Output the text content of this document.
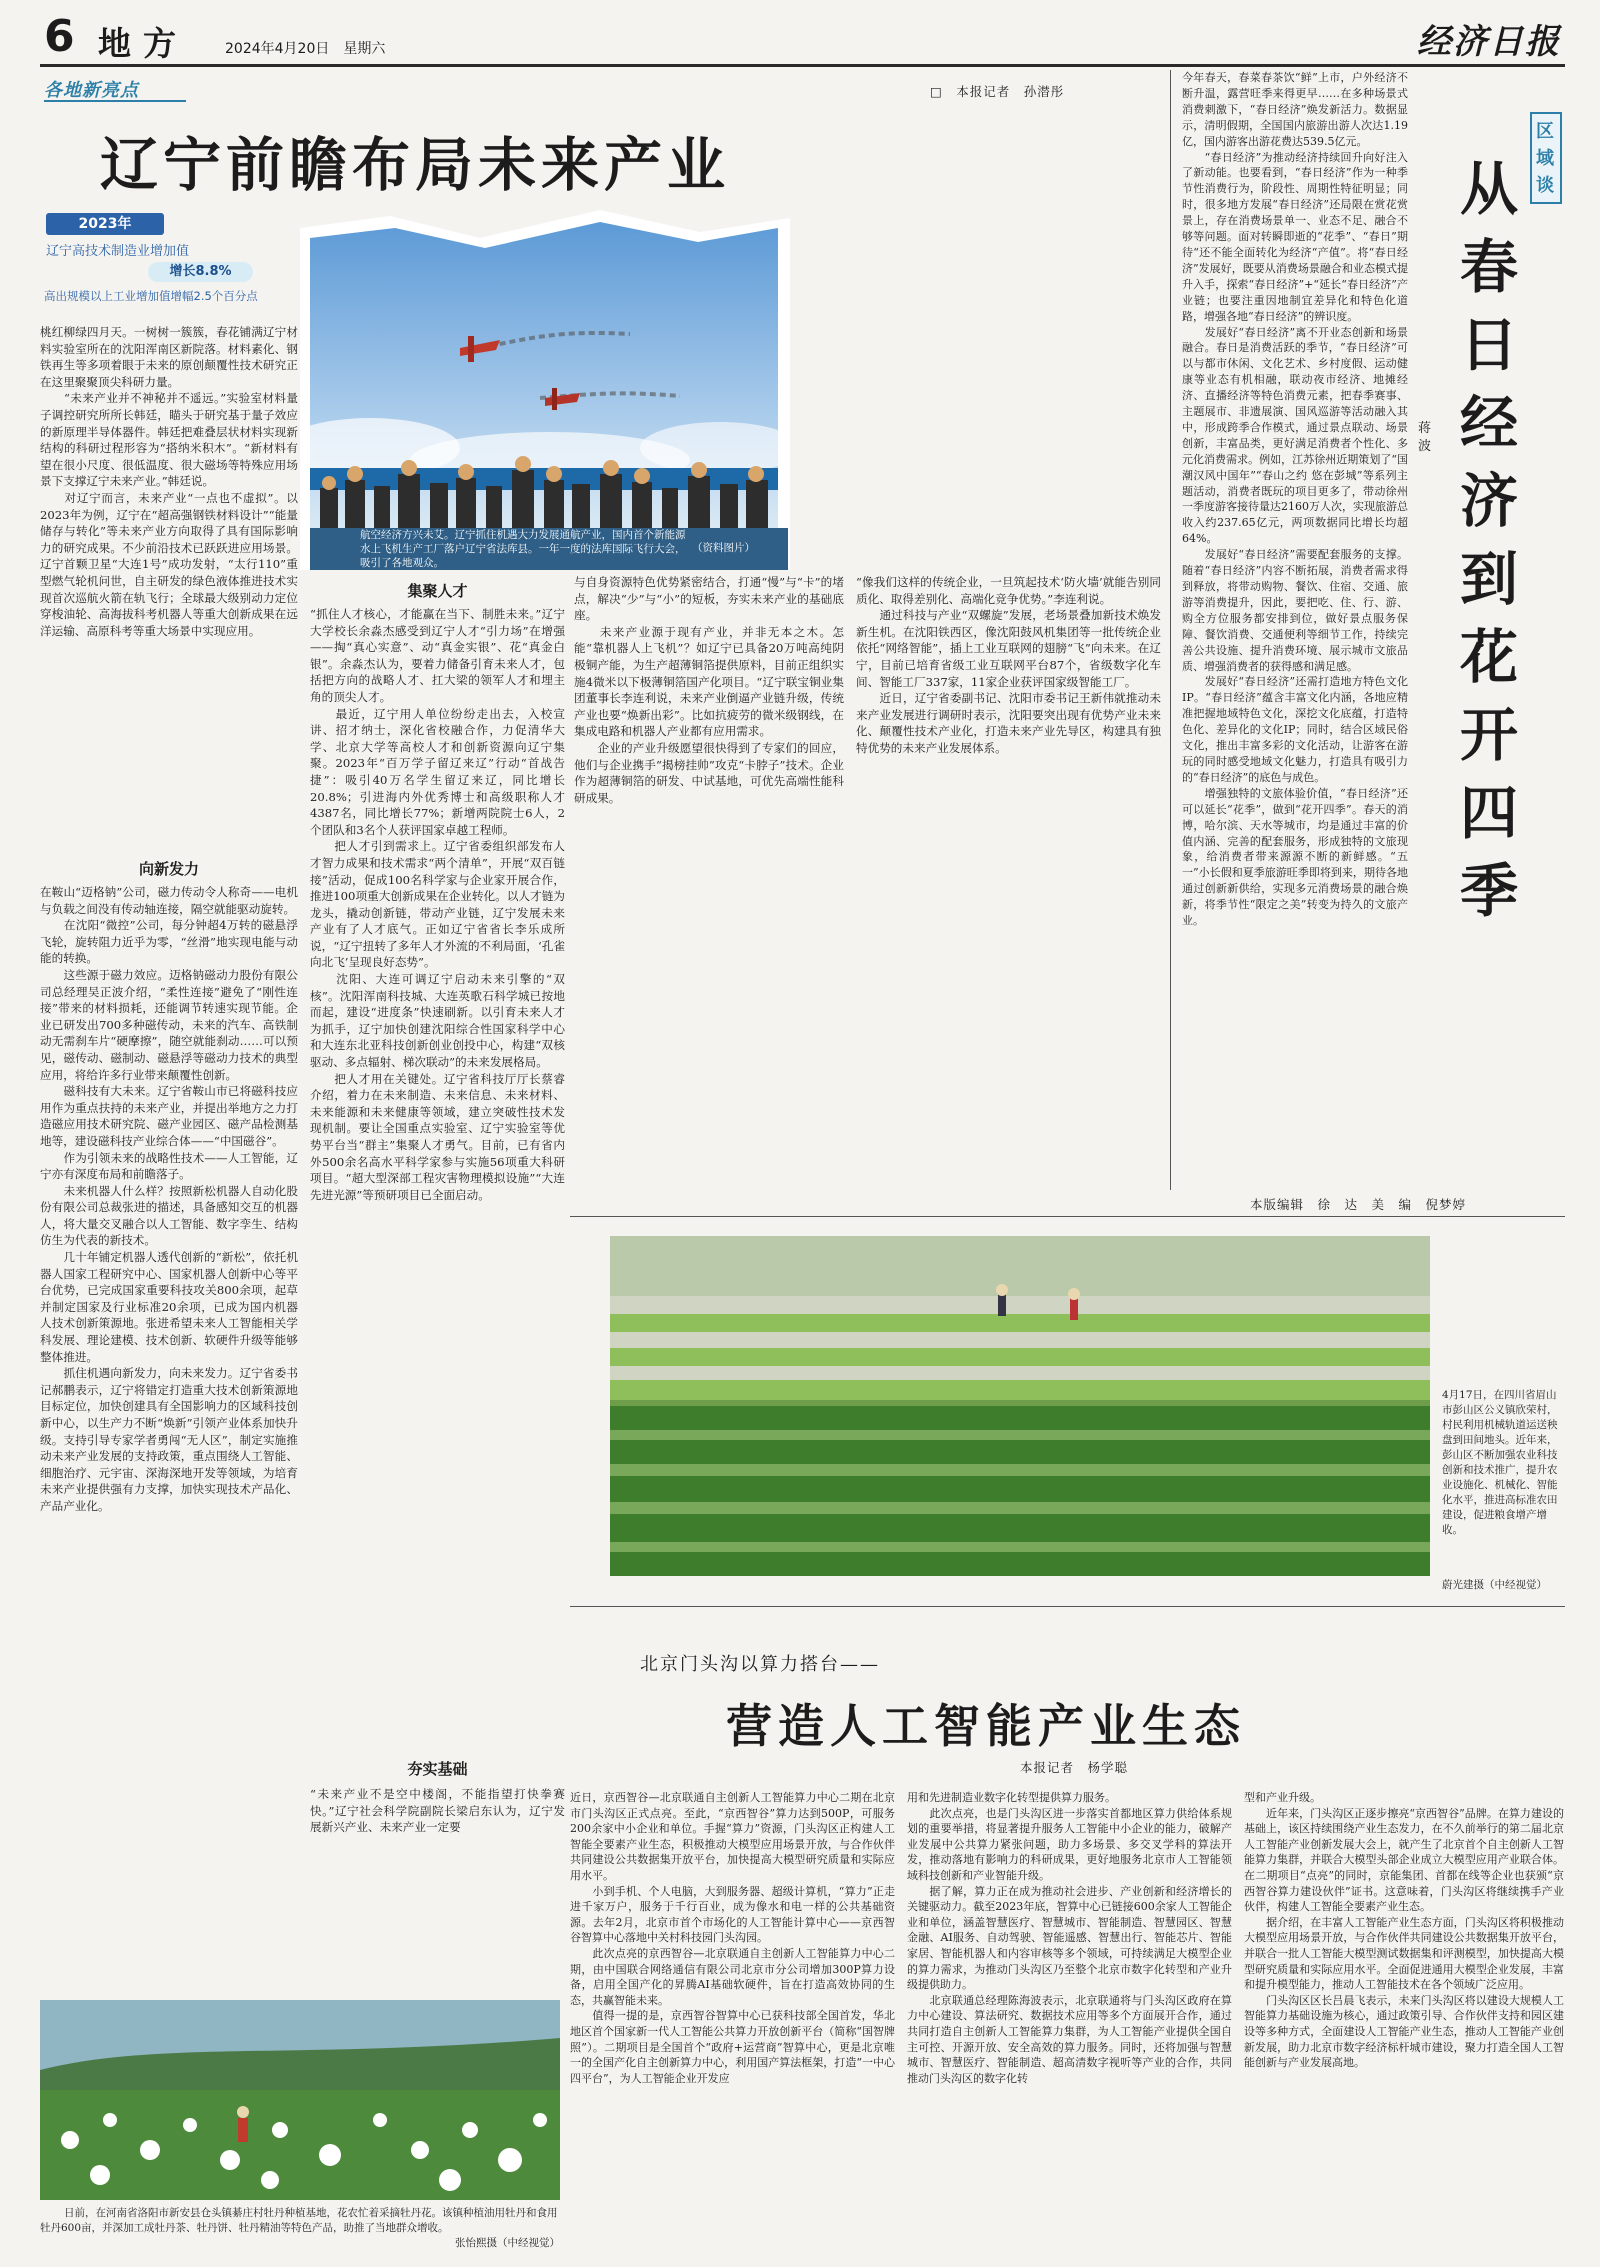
6 地方	2024年4月20日　星期六	经济日报
各地新亮点	□　本报记者　孙潜彤
辽宁前瞻布局未来产业
2023年
辽宁高技术制造业增加值
增长8.8%
高出规模以上工业增加值增幅2.5个百分点
航空经济方兴未艾。辽宁抓住机遇大力发展通航产业，国内首个新能源水上飞机生产工厂落户辽宁省法库县。一年一度的法库国际飞行大会，吸引了各地观众。
（资料图片）
桃红柳绿四月天。一树树一簇簇，春花铺满辽宁材料实验室所在的沈阳浑南区新院落。材料素化、钢铁再生等多项着眼于未来的原创颠覆性技术研究正在这里聚聚顶尖科研力量。
　　“未来产业并不神秘并不遥远。”实验室材料量子调控研究所所长韩廷，瞄头于研究基于量子效应的新原理半导体器件。韩廷把难叠层状材料实现新结构的科研过程形容为“搭纳米积木”。“新材料有望在很小尺度、很低温度、很大磁场等特殊应用场景下支撑辽宁未来产业。”韩廷说。
　　对辽宁而言，未来产业“一点也不虚拟”。以2023年为例，辽宁在“超高强钢铁材料设计”“能量储存与转化”等未来产业方向取得了具有国际影响力的研究成果。不少前沿技术已跃跃进应用场景。辽宁首颗卫星“大连1号”成功发射，“太行110”重型燃气轮机问世，自主研发的绿色液体推进技术实现首次巡航火箭在轨飞行；全球最大级别动力定位穿梭油轮、高海拔科考机器人等重大创新成果在远洋运输、高原科考等重大场景中实现应用。
向新发力
在鞍山“迈格钠”公司，磁力传动令人称奇——电机与负载之间没有传动轴连接，隔空就能驱动旋转。
　　在沈阳“微控”公司，每分钟超4万转的磁悬浮飞轮，旋转阻力近乎为零，“丝滑”地实现电能与动能的转换。
　　这些源于磁力效应。迈格钠磁动力股份有限公司总经理吴正波介绍，“柔性连接”避免了“刚性连接”带来的材料损耗，还能调节转速实现节能。企业已研发出700多种磁传动，未来的汽车、高铁制动无需刹车片“硬摩擦”，随空就能刹动……可以预见，磁传动、磁制动、磁悬浮等磁动力技术的典型应用，将给许多行业带来颠覆性创新。
　　磁科技有大未来。辽宁省鞍山市已将磁科技应用作为重点扶持的未来产业，并提出举地方之力打造磁应用技术研究院、磁产业园区、磁产品检测基地等，建设磁科技产业综合体——“中国磁谷”。
　　作为引领未来的战略性技术——人工智能，辽宁亦有深度布局和前瞻落子。
　　未来机器人什么样？按照新松机器人自动化股份有限公司总裁张进的描述，具备感知交互的机器人，将大量交叉融合以人工智能、数字孪生、结构仿生为代表的新技术。
　　几十年铺定机器人透代创新的“新松”，依托机器人国家工程研究中心、国家机器人创新中心等平台优势，已完成国家重要科技攻关800余项，起草并制定国家及行业标准20余项，已成为国内机器人技术创新策源地。张进希望未来人工智能相关学科发展、理论建模、技术创新、软硬件升级等能够整体推进。
　　抓住机遇向新发力，向未来发力。辽宁省委书记郝鹏表示，辽宁将错定打造重大技术创新策源地目标定位，加快创建具有全国影响力的区域科技创新中心，以生产力不断“焕新”引领产业体系加快升级。支持引导专家学者勇闯“无人区”，制定实施推动未来产业发展的支持政策，重点围绕人工智能、细胞治疗、元宇宙、深海深地开发等领域，为培育未来产业提供强有力支撑，加快实现技术产品化、产品产业化。
集聚人才
“抓住人才核心，才能赢在当下、制胜未来。”辽宁大学校长余淼杰感受到辽宁人才“引力场”在增强——掏“真心实意”、动“真金实银”、花“真金白银”。余淼杰认为，要着力储备引育未来人才，包括把方向的战略人才、扛大梁的领军人才和埋主角的顶尖人才。
　　最近，辽宁用人单位纷纷走出去，入校宣讲、招才纳士，深化省校融合作，力促清华大学、北京大学等高校人才和创新资源向辽宁集聚。2023年“百万学子留辽来辽”行动“首战告捷”：吸引40万名学生留辽来辽，同比增长20.8%；引进海内外优秀博士和高级职称人才4387名，同比增长77%；新增两院院士6人，2个团队和3名个人获评国家卓越工程师。
　　把人才引到需求上。辽宁省委组织部发布人才智力成果和技术需求“两个清单”，开展“双百链接”活动，促成100名科学家与企业家开展合作，推进100项重大创新成果在企业转化。以人才链为龙头，撬动创新链，带动产业链，辽宁发展未来产业有了人才底气。正如辽宁省省长李乐成所说，“辽宁扭转了多年人才外流的不利局面，‘孔雀向北飞’呈现良好态势”。
　　沈阳、大连可调辽宁启动未来引擎的“双核”。沈阳浑南科技城、大连英歌石科学城已按地而起，建设“进度条”快速刷新。以引育未来人才为抓手，辽宁加快创建沈阳综合性国家科学中心和大连东北亚科技创新创业创投中心，构建“双核驱动、多点辐射、梯次联动”的未来发展格局。
　　把人才用在关键处。辽宁省科技厅厅长蔡睿介绍，着力在未来制造、未来信息、未来材料、未来能源和未来健康等领域，建立突破性技术发现机制。要让全国重点实验室、辽宁实验室等优势平台当“群主”集聚人才勇气。目前，已有省内外500余名高水平科学家参与实施56项重大科研项目。“超大型深部工程灾害物理模拟设施”“大连先进光源”等预研项目已全面启动。
夯实基础
“未来产业不是空中楼阁，不能指望打快拳赛快。”辽宁社会科学院副院长梁启东认为，辽宁发展新兴产业、未来产业一定要
与自身资源特色优势紧密结合，打通“慢”与“卡”的堵点，解决“少”与“小”的短板，夯实未来产业的基础底座。
　　未来产业源于现有产业，并非无本之木。怎能“靠机器人上飞机”？如辽宁已具备20万吨高纯阴极铜产能，为生产超薄铜箔提供原料，目前正组织实施4微米以下极薄铜箔国产化项目。“辽宁联宝铜业集团董事长李连利说，未来产业倒逼产业链升级，传统产业也要“焕新出彩”。比如抗疲劳的微米级钢线，在集成电路和机器人产业都有应用需求。
　　企业的产业升级愿望很快得到了专家们的回应，他们与企业携手“揭榜挂帅”攻克“卡脖子”技术。企业作为超薄铜箔的研发、中试基地，可优先高端性能科研成果。
“像我们这样的传统企业，一旦筑起技术‘防火墙’就能告别同质化、取得差别化、高端化竞争优势。”李连利说。
　　通过科技与产业“双螺旋”发展，老场景叠加新技术焕发新生机。在沈阳铁西区，像沈阳鼓风机集团等一批传统企业依托“网络智能”，插上工业互联网的翅膀“飞”向未来。在辽宁，目前已培育省级工业互联网平台87个，省级数字化车间、智能工厂337家，11家企业获评国家级智能工厂。
　　近日，辽宁省委副书记、沈阳市委书记王新伟就推动未来产业发展进行调研时表示，沈阳要突出现有优势产业未来化、颠覆性技术产业化，打造未来产业先导区，构建具有独特优势的未来产业发展体系。
今年春天，春菜春茶饮“鲜”上市，户外经济不断升温，露营旺季来得更早……在多种场景式消费刺激下，“春日经济”焕发新活力。数据显示，清明假期，全国国内旅游出游人次达1.19亿，国内游客出游花费达539.5亿元。
　　“春日经济”为推动经济持续回升向好注入了新动能。也要看到，“春日经济”作为一种季节性消费行为，阶段性、周期性特征明显；同时，很多地方发展“春日经济”还局限在赏花赏景上，存在消费场景单一、业态不足、融合不够等问题。面对转瞬即逝的“花季”、“春日”期待“还不能全面转化为经济“产值”。将“春日经济”发展好，既要从消费场景融合和业态模式提升入手，探索“春日经济”+“延长“春日经济”产业链；也要注重因地制宜差异化和特色化道路，增强各地“春日经济”的辨识度。
　　发展好“春日经济”离不开业态创新和场景融合。春日是消费活跃的季节，“春日经济”可以与都市休闲、文化艺术、乡村度假、运动健康等业态有机相融，联动夜市经济、地摊经济、直播经济等特色消费元素，把春季赛事、主题展市、非遗展演、国风巡游等活动融入其中，形成跨季合作模式，通过景点联动、场景创新，丰富品类，更好满足消费者个性化、多元化消费需求。例如，江苏徐州近期策划了“国潮汉风中国年”“春山之约 悠在彭城”等系列主题活动，消费者既玩的项目更多了，带动徐州一季度游客接待量达2160万人次，实现旅游总收入约237.65亿元，两项数据同比增长均超64%。
　　发展好“春日经济”需要配套服务的支撑。随着“春日经济”内容不断拓展，消费者需求得到释放，将带动购物、餐饮、住宿、交通、旅游等消费提升，因此，要把吃、住、行、游、购全方位服务都安排到位，做好景点服务保障、餐饮消费、交通便利等细节工作，持续完善公共设施、提升消费环境、展示城市文旅品质、增强消费者的获得感和满足感。
　　发展好“春日经济”还需打造地方特色文化IP。“春日经济”蕴含丰富文化内涵，各地应精准把握地域特色文化，深挖文化底蕴，打造特色化、差异化的文化IP；同时，结合区域民俗文化，推出丰富多彩的文化活动，让游客在游玩的同时感受地域文化魅力，打造具有吸引力的“春日经济”的底色与成色。
　　增强独特的文旅体验价值，“春日经济”还可以延长“花季”，做到“花开四季”。春天的消博，哈尔滨、天水等城市，均是通过丰富的价值内涵、完善的配套服务，形成独特的文旅现象，给消费者带来源源不断的新鲜感。“五一”小长假和夏季旅游旺季即将到来，期待各地通过创新新供给，实现多元消费场景的融合焕新，将季节性“限定之美”转变为持久的文旅产业。
蒋　波
区域谈
从春日经济到花开四季
本版编辑　徐　达　美　编　倪梦婷
4月17日，在四川省眉山市彭山区公义镇欣荣村，村民利用机械轨道运送秧盘到田间地头。近年来，彭山区不断加强农业科技创新和技术推广，提升农业设施化、机械化、智能化水平，推进高标准农田建设，促进粮食增产增收。
蔚光建摄（中经视觉）
北京门头沟以算力搭台——
营造人工智能产业生态
本报记者　杨学聪
近日，京西智谷—北京联通自主创新人工智能算力中心二期在北京市门头沟区正式点亮。至此，“京西智谷”算力达到500P，可服务200余家中小企业和单位。手握“算力”资源，门头沟区正构建人工智能全要素产业生态，积极推动大模型应用场景开放，与合作伙伴共同建设公共数据集开放平台，加快提高大模型研究质量和实际应用水平。
　　小到手机、个人电脑，大到服务器、超级计算机，“算力”正走进千家万户，服务于千行百业，成为像水和电一样的公共基础资源。去年2月，北京市首个市场化的人工智能计算中心——京西智谷智算中心落地中关村科技园门头沟园。
　　此次点亮的京西智谷—北京联通自主创新人工智能算力中心二期，由中国联合网络通信有限公司北京市分公司增加300P算力设备，启用全国产化的昇腾AI基础软硬件，旨在打造高效协同的生态，共赢智能未来。
　　值得一提的是，京西智谷智算中心已获科技部全国首发，华北地区首个国家新一代人工智能公共算力开放创新平台（简称“国智牌照”）。二期项目是全国首个“政府+运营商”智算中心，更是北京唯一的全国产化自主创新算力中心，利用国产算法框架，打造“一中心四平台”，为人工智能企业开发应
用和先进制造业数字化转型提供算力服务。
　　此次点亮，也是门头沟区进一步落实首都地区算力供给体系规划的重要举措，将显著提升服务人工智能中小企业的能力，破解产业发展中公共算力紧张问题，助力多场景、多交叉学科的算法开发，推动落地有影响力的科研成果，更好地服务北京市人工智能领域科技创新和产业智能升级。
　　据了解，算力正在成为推动社会进步、产业创新和经济增长的关键驱动力。截至2023年底，智算中心已链接600余家人工智能企业和单位，涵盖智慧医疗、智慧城市、智能制造、智慧园区、智慧金融、AI服务、自动驾驶、智能遥感、智慧出行、智能芯片、智能家居、智能机器人和内容审核等多个领域，可持续满足大模型企业的算力需求，为推动门头沟区乃至整个北京市数字化转型和产业升级提供助力。
　　北京联通总经理陈海波表示，北京联通将与门头沟区政府在算力中心建设、算法研究、数据技术应用等多个方面展开合作，通过共同打造自主创新人工智能算力集群，为人工智能产业提供全国自主可控、开源开放、安全高效的算力服务。同时，还将加强与智慧城市、智慧医疗、智能制造、超高清数字视听等产业的合作，共同推动门头沟区的数字化转
型和产业升级。
　　近年来，门头沟区正逐步擦亮“京西智谷”品牌。在算力建设的基础上，该区持续围绕产业生态发力，在不久前举行的第二届北京人工智能产业创新发展大会上，就产生了北京首个自主创新人工智能算力集群，并联合大模型头部企业成立大模型应用产业联合体。在二期项目“点亮”的同时，京能集团、首都在线等企业也获颁“京西智谷算力建设伙伴”证书。这意味着，门头沟区将继续携手产业伙伴，构建人工智能全要素产业生态。
　　据介绍，在丰富人工智能产业生态方面，门头沟区将积极推动大模型应用场景开放，与合作伙伴共同建设公共数据集开放平台，并联合一批人工智能大模型测试数据集和评测模型，加快提高大模型研究质量和实际应用水平。全面促进通用大模型企业发展，丰富和提升模型能力，推动人工智能技术在各个领域广泛应用。
　　门头沟区区长吕晨飞表示，未来门头沟区将以建设大规模人工智能算力基础设施为核心，通过政策引导、合作伙伴支持和园区建设等多种方式，全面建设人工智能产业生态，推动人工智能产业创新发展，助力北京市数字经济标杆城市建设，聚力打造全国人工智能创新与产业发展高地。
日前，在河南省洛阳市新安县仓头镇綦庄村牡丹种植基地，花农忙着采摘牡丹花。该镇种植油用牡丹和食用牡丹600亩，并深加工成牡丹茶、牡丹饼、牡丹精油等特色产品，助推了当地群众增收。
张怡熙摄（中经视觉）
